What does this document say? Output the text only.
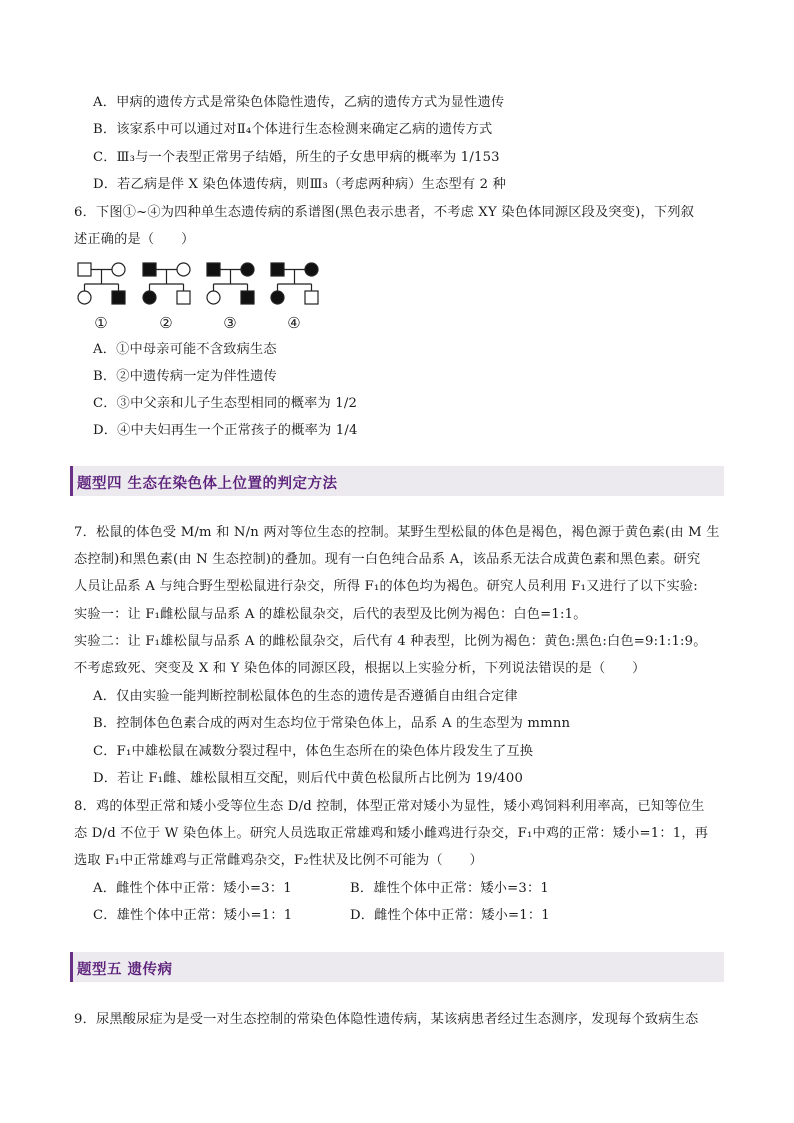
A．甲病的遗传方式是常染色体隐性遗传，乙病的遗传方式为显性遗传
B．该家系中可以通过对Ⅱ₄个体进行生态检测来确定乙病的遗传方式
C．Ⅲ₃与一个表型正常男子结婚，所生的子女患甲病的概率为 1/153
D．若乙病是伴 X 染色体遗传病，则Ⅲ₃（考虑两种病）生态型有 2 种
6．下图①~④为四种单生态遗传病的系谱图(黑色表示患者，不考虑 XY 染色体同源区段及突变)，下列叙
述正确的是（　　）
①	②	③	④
A．①中母亲可能不含致病生态
B．②中遗传病一定为伴性遗传
C．③中父亲和儿子生态型相同的概率为 1/2
D．④中夫妇再生一个正常孩子的概率为 1/4
题型四 生态在染色体上位置的判定方法
7．松鼠的体色受 M/m 和 N/n 两对等位生态的控制。某野生型松鼠的体色是褐色，褐色源于黄色素(由 M 生
态控制)和黑色素(由 N 生态控制)的叠加。现有一白色纯合品系 A，该品系无法合成黄色素和黑色素。研究
人员让品系 A 与纯合野生型松鼠进行杂交，所得 F₁的体色均为褐色。研究人员利用 F₁又进行了以下实验:
实验一：让 F₁雌松鼠与品系 A 的雄松鼠杂交，后代的表型及比例为褐色：白色=1:1。
实验二：让 F₁雄松鼠与品系 A 的雌松鼠杂交，后代有 4 种表型，比例为褐色：黄色:黑色:白色=9:1:1:9。
不考虑致死、突变及 X 和 Y 染色体的同源区段，根据以上实验分析，下列说法错误的是（　　）
A．仅由实验一能判断控制松鼠体色的生态的遗传是否遵循自由组合定律
B．控制体色色素合成的两对生态均位于常染色体上，品系 A 的生态型为 mmnn
C．F₁中雄松鼠在减数分裂过程中，体色生态所在的染色体片段发生了互换
D．若让 F₁雌、雄松鼠相互交配，则后代中黄色松鼠所占比例为 19/400
8．鸡的体型正常和矮小受等位生态 D/d 控制，体型正常对矮小为显性，矮小鸡饲料利用率高，已知等位生
态 D/d 不位于 W 染色体上。研究人员选取正常雄鸡和矮小雌鸡进行杂交，F₁中鸡的正常：矮小=1：1，再
选取 F₁中正常雄鸡与正常雌鸡杂交，F₂性状及比例不可能为（　　）
A．雌性个体中正常：矮小=3：1	B．雄性个体中正常：矮小=3：1
C．雄性个体中正常：矮小=1：1	D．雌性个体中正常：矮小=1：1
题型五 遗传病
9．尿黑酸尿症为是受一对生态控制的常染色体隐性遗传病，某该病患者经过生态测序，发现每个致病生态
